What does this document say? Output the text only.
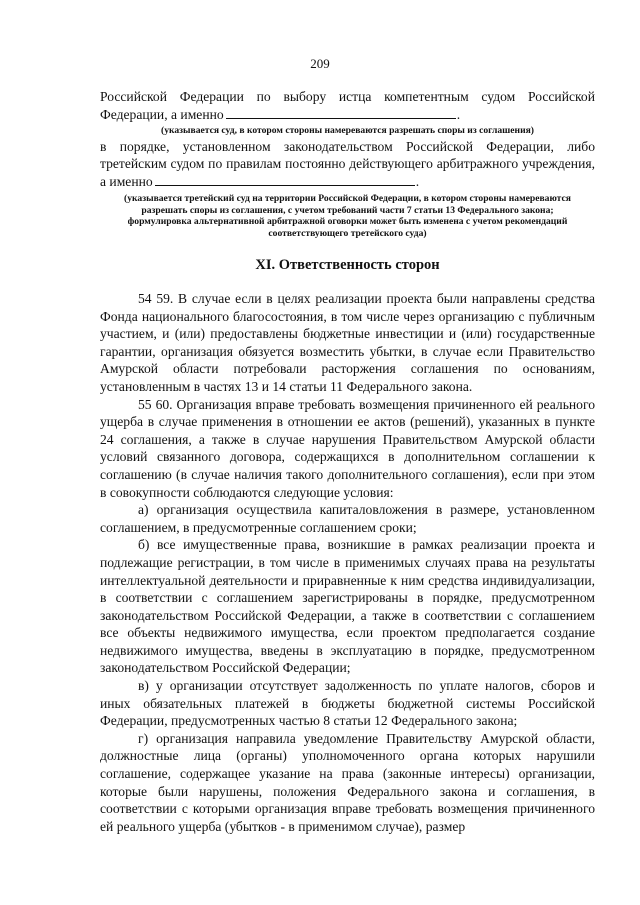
209

Российской Федерации по выбору истца компетентным судом Российской Федерации, а именно	.

(указывается суд, в котором стороны намереваются разрешать споры из соглашения)

в порядке, установленном законодательством Российской Федерации, либо третейским судом по правилам постоянно действующего арбитражного учреждения, а именно	.

(указывается третейский суд на территории Российской Федерации, в котором стороны намереваются разрешать споры из соглашения, с учетом требований части 7 статьи 13 Федерального закона; формулировка альтернативной арбитражной оговорки может быть изменена с учетом рекомендаций соответствующего третейского суда)
XI. Ответственность сторон

54 59. В случае если в целях реализации проекта были направлены средства Фонда национального благосостояния, в том числе через организацию с публичным участием, и (или) предоставлены бюджетные инвестиции и (или) государственные гарантии, организация обязуется возместить убытки, в случае если Правительство Амурской области потребовали расторжения соглашения по основаниям, установленным в частях 13 и 14 статьи 11 Федерального закона.

55 60. Организация вправе требовать возмещения причиненного ей реального ущерба в случае применения в отношении ее актов (решений), указанных в пункте 24 соглашения, а также в случае нарушения Правительством Амурской области условий связанного договора, содержащихся в дополнительном соглашении к соглашению (в случае наличия такого дополнительного соглашения), если при этом в совокупности соблюдаются следующие условия:

а) организация осуществила капиталовложения в размере, установленном соглашением, в предусмотренные соглашением сроки;

б) все имущественные права, возникшие в рамках реализации проекта и подлежащие регистрации, в том числе в применимых случаях права на результаты интеллектуальной деятельности и приравненные к ним средства индивидуализации, в соответствии с соглашением зарегистрированы в порядке, предусмотренном законодательством Российской Федерации, а также в соответствии с соглашением все объекты недвижимого имущества, если проектом предполагается создание недвижимого имущества, введены в эксплуатацию в порядке, предусмотренном законодательством Российской Федерации;

в) у организации отсутствует задолженность по уплате налогов, сборов и иных обязательных платежей в бюджеты бюджетной системы Российской Федерации, предусмотренных частью 8 статьи 12 Федерального закона;

г) организация направила уведомление Правительству Амурской области, должностные лица (органы) уполномоченного органа которых нарушили соглашение, содержащее указание на права (законные интересы) организации, которые были нарушены, положения Федерального закона и соглашения, в соответствии с которыми организация вправе требовать возмещения причиненного ей реального ущерба (убытков - в применимом случае), размер
